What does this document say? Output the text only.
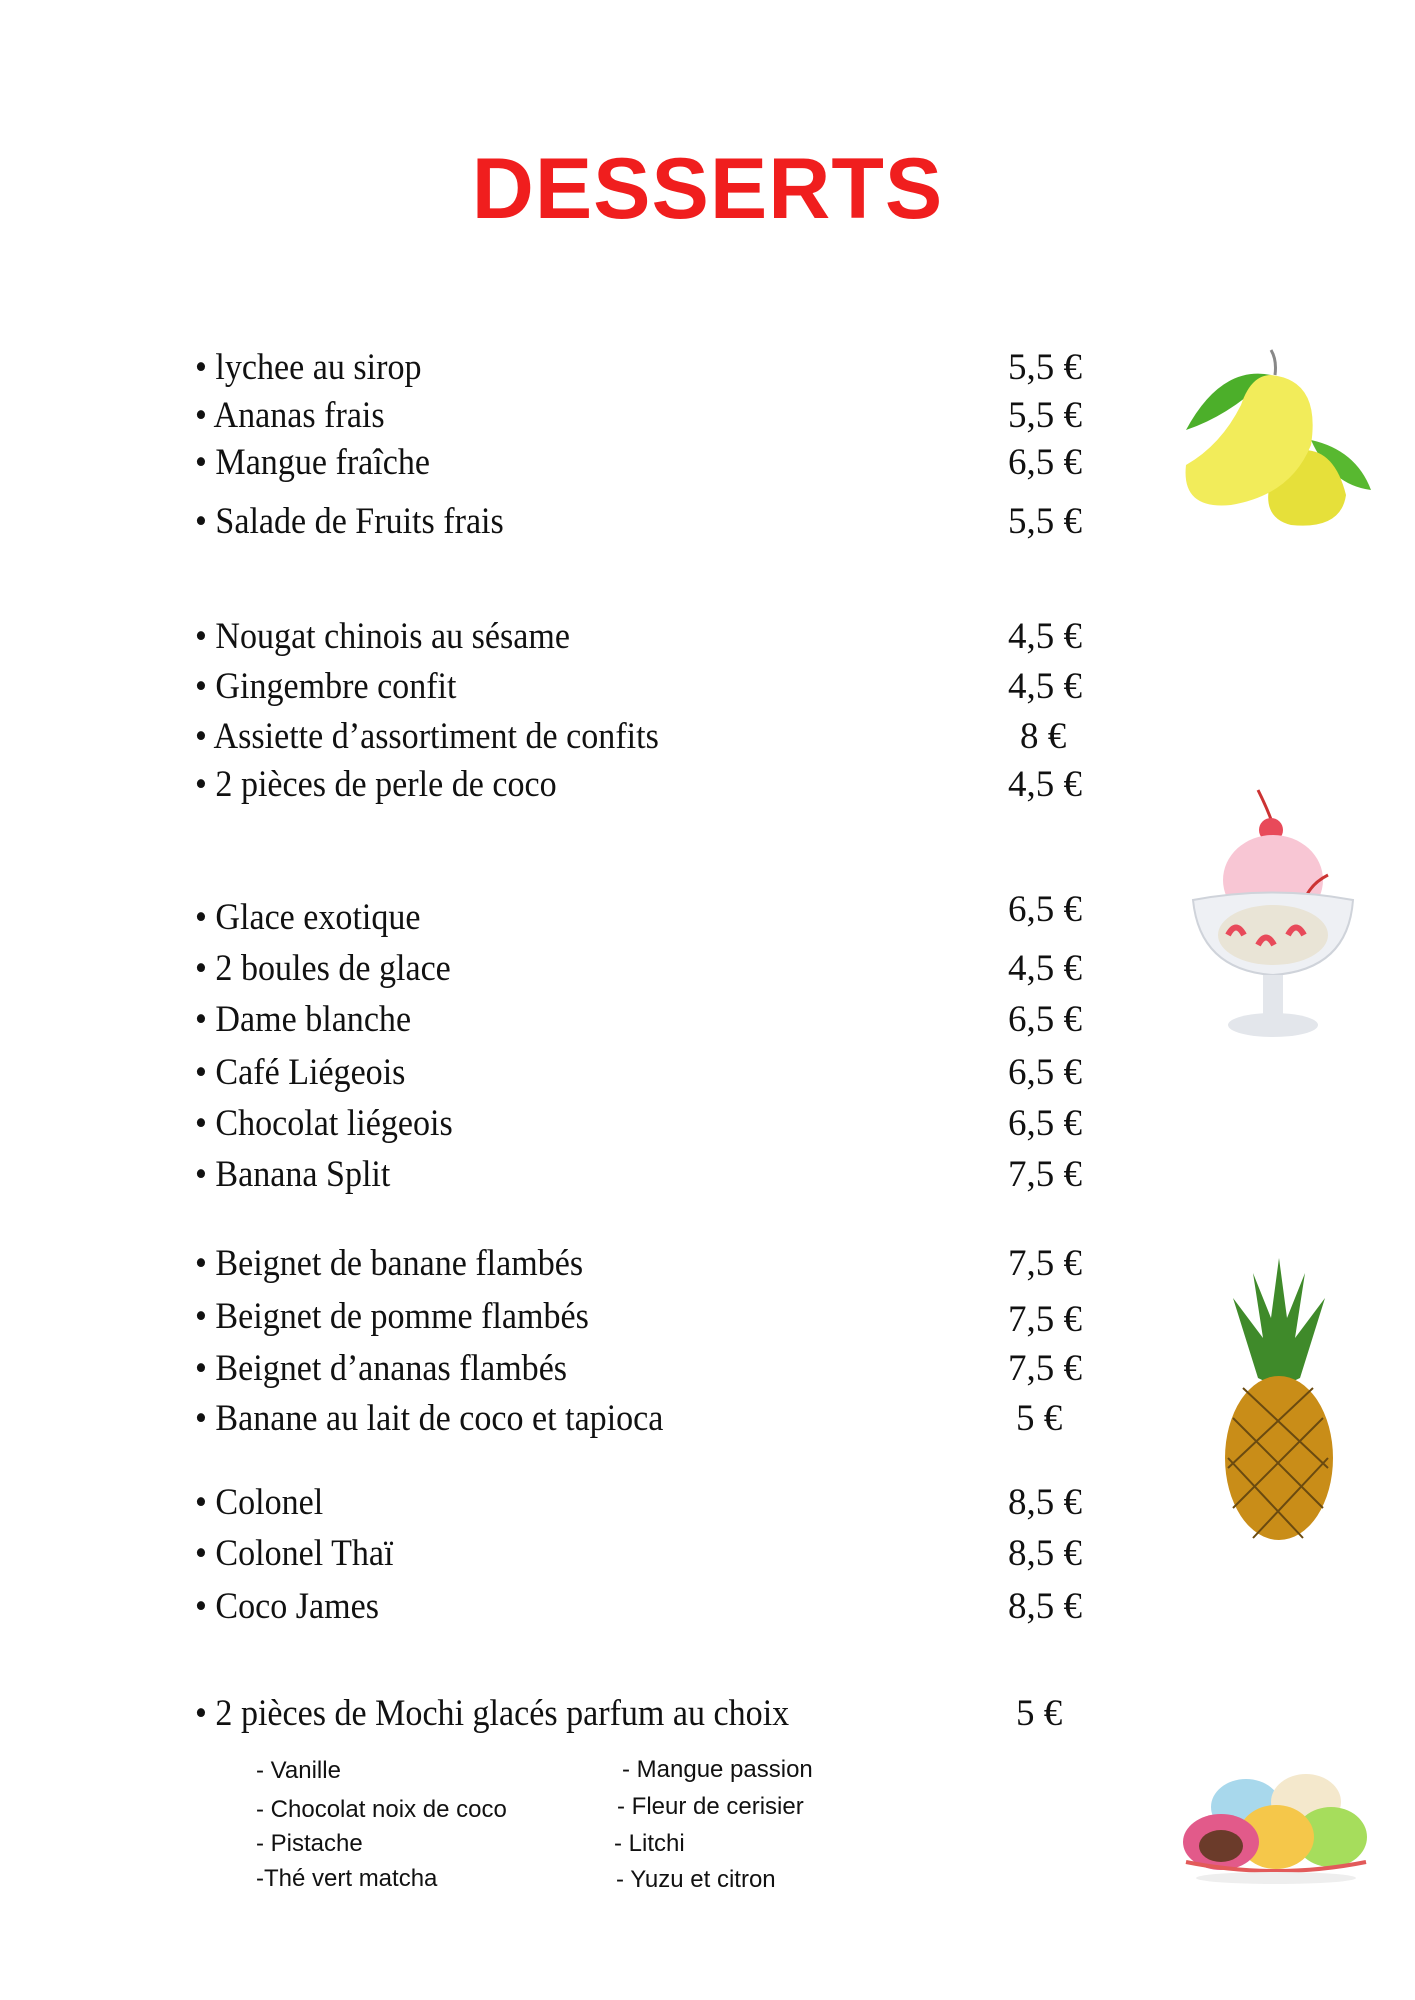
DESSERTS
• lychee au sirop	5,5 €
• Ananas frais	5,5 €
• Mangue fraîche	6,5 €
• Salade de Fruits frais	5,5 €
• Nougat chinois au sésame	4,5 €
• Gingembre confit	4,5 €
• Assiette d’assortiment de confits	8 €
• 2 pièces de perle de coco	4,5 €
• Glace exotique	6,5 €
• 2 boules de glace	4,5 €
• Dame blanche	6,5 €
• Café Liégeois	6,5 €
• Chocolat liégeois	6,5 €
• Banana Split	7,5 €
• Beignet de banane flambés	7,5 €
• Beignet de pomme flambés	7,5 €
• Beignet d’ananas flambés	7,5 €
• Banane au lait de coco et tapioca	5 €
• Colonel	8,5 €
• Colonel Thaï	8,5 €
• Coco James	8,5 €
• 2 pièces de Mochi glacés parfum au choix	5 €
- Vanille
- Chocolat noix de coco
- Pistache
-Thé vert matcha
- Mangue passion
- Fleur de cerisier
- Litchi
- Yuzu et citron
